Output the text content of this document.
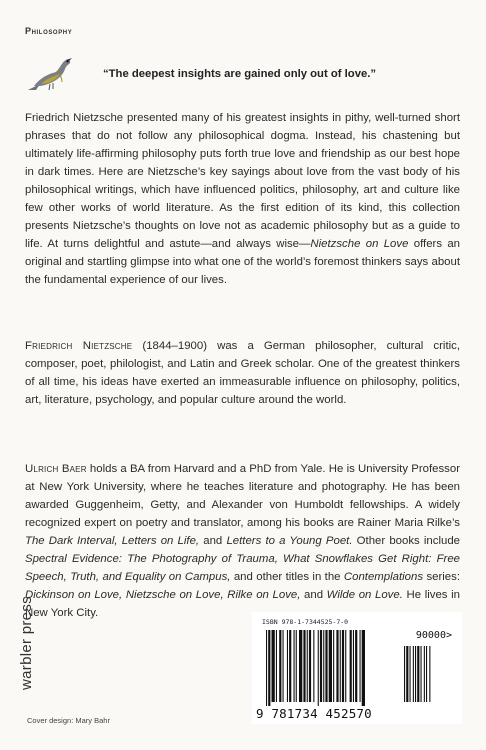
Philosophy
“The deepest insights are gained only out of love.”

Friedrich Nietzsche presented many of his greatest insights in pithy, well-turned short phrases that do not follow any philosophical dogma. Instead, his chastening but ultimately life-affirming philosophy puts forth true love and friendship as our best hope in dark times. Here are Nietzsche’s key sayings about love from the vast body of his philosophical writings, which have influenced politics, philosophy, art and culture like few other works of world literature. As the first edition of its kind, this collection presents Nietzsche’s thoughts on love not as academic philosophy but as a guide to life. At turns delightful and astute—and always wise—Nietzsche on Love offers an original and startling glimpse into what one of the world’s foremost thinkers says about the fundamental experience of our lives.

Friedrich Nietzsche (1844–1900) was a German philosopher, cultural critic, composer, poet, philologist, and Latin and Greek scholar. One of the greatest thinkers of all time, his ideas have exerted an immeasurable influence on philosophy, politics, art, literature, psychology, and popular culture around the world.

Ulrich Baer holds a BA from Harvard and a PhD from Yale. He is University Professor at New York University, where he teaches literature and photography. He has been awarded Guggenheim, Getty, and Alexander von Humboldt fellowships. A widely recognized expert on poetry and translator, among his books are Rainer Maria Rilke’s The Dark Interval, Letters on Life, and Letters to a Young Poet. Other books include Spectral Evidence: The Photography of Trauma, What Snowflakes Get Right: Free Speech, Truth, and Equality on Campus, and other titles in the Contemplations series: Dickinson on Love, Nietzsche on Love, Rilke on Love, and Wilde on Love. He lives in New York City.

ISBN 978-1-7344525-7-0
90000>
9 781734 452570
warbler press
Cover design: Mary Bahr
